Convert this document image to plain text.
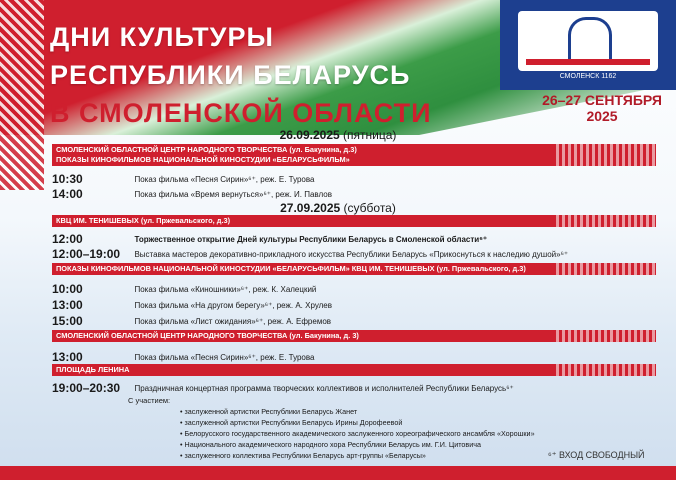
СМОЛЕНСК 1162
ДНИ КУЛЬТУРЫ
РЕСПУБЛИКИ БЕЛАРУСЬ
В СМОЛЕНСКОЙ ОБЛАСТИ	26–27 СЕНТЯБРЯ
2025
26.09.2025 (пятница)
СМОЛЕНСКИЙ ОБЛАСТНОЙ ЦЕНТР НАРОДНОГО ТВОРЧЕСТВА (ул. Бакунина, д.3)
ПОКАЗЫ КИНОФИЛЬМОВ НАЦИОНАЛЬНОЙ КИНОСТУДИИ «БЕЛАРУСЬФИЛЬМ»
10:30	Показ фильма «Песня Сирин»⁶⁺, реж. Е. Турова
14:00	Показ фильма «Время вернуться»⁶⁺, реж. И. Павлов
27.09.2025 (суббота)
КВЦ ИМ. ТЕНИШЕВЫХ (ул. Пржевальского, д.3)
12:00	Торжественное открытие Дней культуры Республики Беларусь в Смоленской области⁶⁺
12:00–19:00 Выставка мастеров декоративно-прикладного искусства Республики Беларусь «Прикоснуться к наследию душой»⁶⁺
ПОКАЗЫ КИНОФИЛЬМОВ НАЦИОНАЛЬНОЙ КИНОСТУДИИ «БЕЛАРУСЬФИЛЬМ» КВЦ ИМ. ТЕНИШЕВЫХ (ул. Пржевальского, д.3)
10:00	Показ фильма «Киношники»⁶⁺, реж. К. Халецкий
13:00	Показ фильма «На другом берегу»⁶⁺, реж. А. Хрулев
15:00	Показ фильма «Лист ожидания»⁶⁺, реж. А. Ефремов
СМОЛЕНСКИЙ ОБЛАСТНОЙ ЦЕНТР НАРОДНОГО ТВОРЧЕСТВА (ул. Бакунина, д. 3)
13:00	Показ фильма «Песня Сирин»⁶⁺, реж. Е. Турова
ПЛОЩАДЬ ЛЕНИНА
19:00–20:30 Праздничная концертная программа творческих коллективов и исполнителей Республики Беларусь⁶⁺
С участием:
• заслуженной артистки Республики Беларусь Жанет
• заслуженной артистки Республики Беларусь Ирины Дорофеевой
• Белорусского государственного академического заслуженного хореографического ансамбля «Хорошки»
• Национального академического народного хора Республики Беларусь им. Г.И. Цитовича
• заслуженного коллектива Республики Беларусь арт-группы «Беларусы»	⁶⁺ ВХОД СВОБОДНЫЙ
